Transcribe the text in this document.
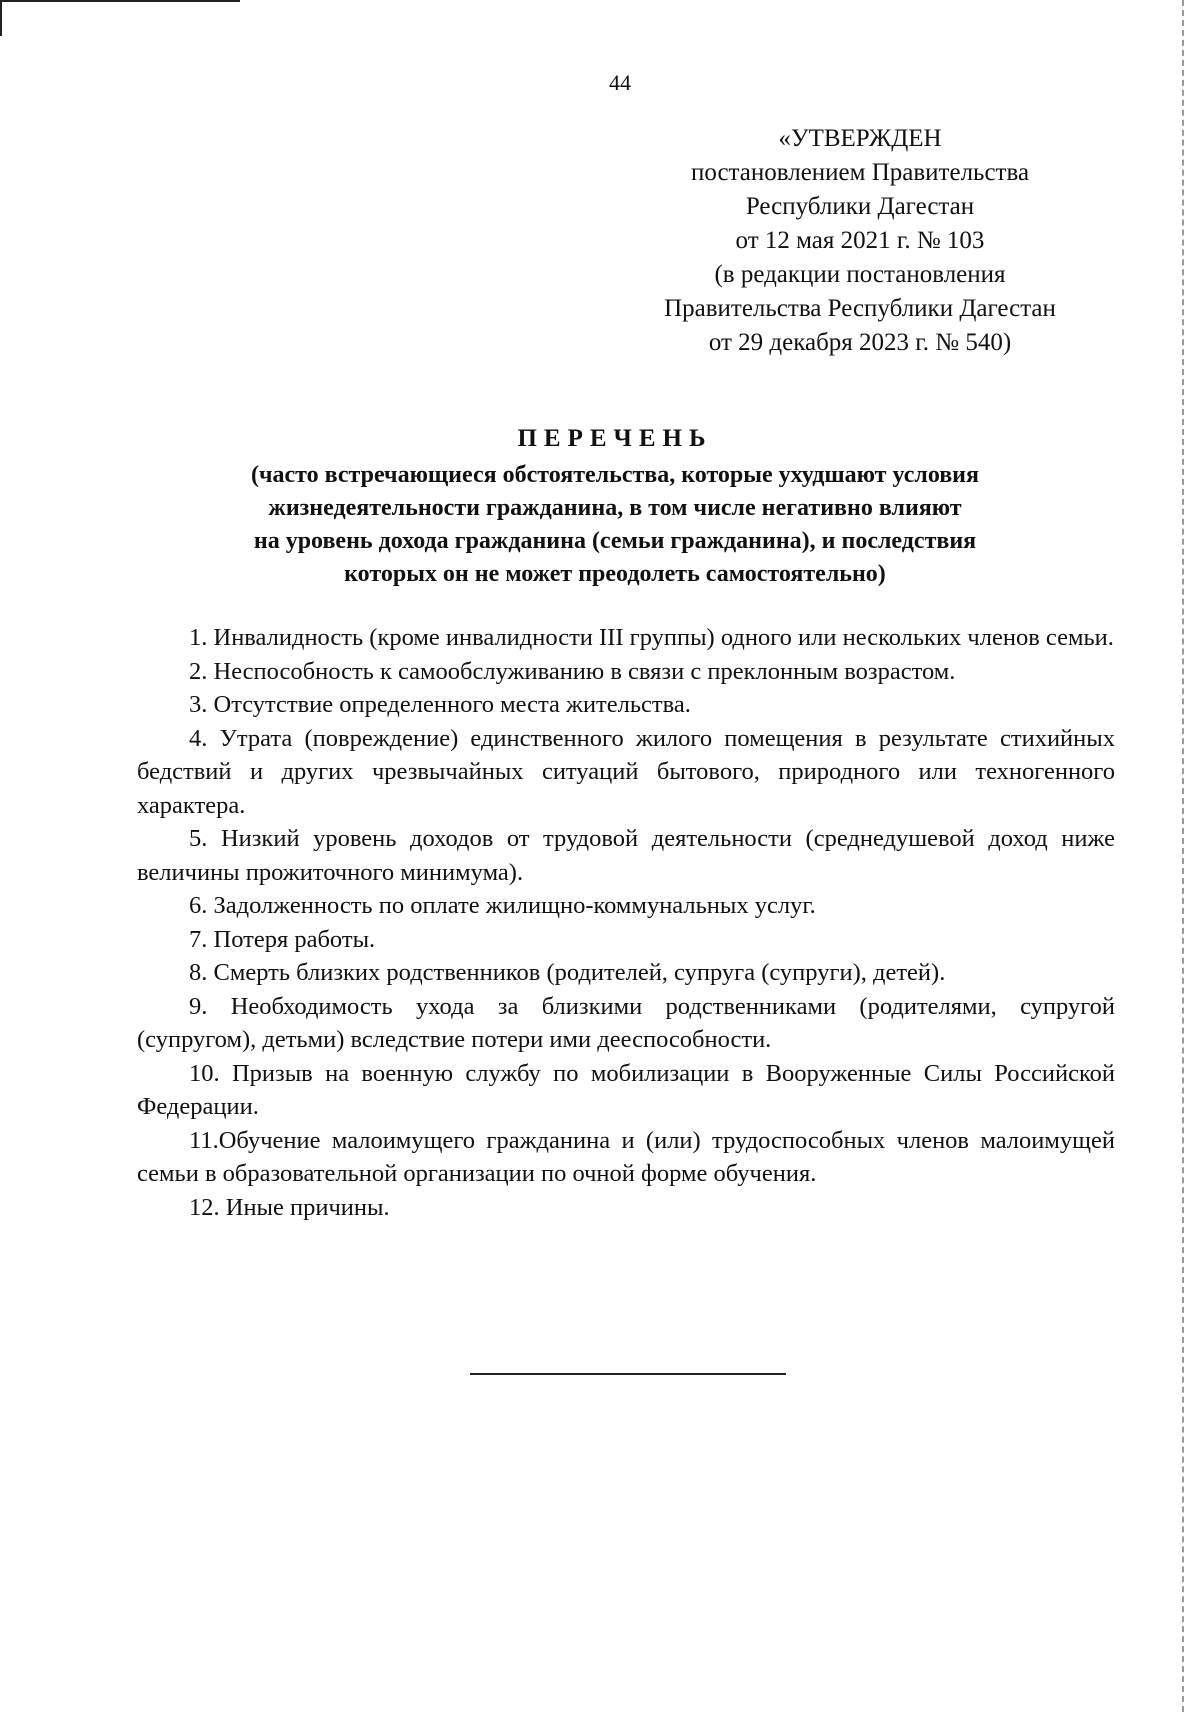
44
«УТВЕРЖДЕН
постановлением Правительства
Республики Дагестан
от 12 мая 2021 г. № 103
(в редакции постановления
Правительства Республики Дагестан
от 29 декабря 2023 г. № 540)
ПЕРЕЧЕНЬ
(часто встречающиеся обстоятельства, которые ухудшают условия
жизнедеятельности гражданина, в том числе негативно влияют
на уровень дохода гражданина (семьи гражданина), и последствия
которых он не может преодолеть самостоятельно)
1. Инвалидность (кроме инвалидности III группы) одного или нескольких членов семьи.
2. Неспособность к самообслуживанию в связи с преклонным возрастом.
3. Отсутствие определенного места жительства.
4. Утрата (повреждение) единственного жилого помещения в результате стихийных бедствий и других чрезвычайных ситуаций бытового, природного или техногенного характера.
5. Низкий уровень доходов от трудовой деятельности (среднедушевой доход ниже величины прожиточного минимума).
6. Задолженность по оплате жилищно-коммунальных услуг.
7. Потеря работы.
8. Смерть близких родственников (родителей, супруга (супруги), детей).
9. Необходимость ухода за близкими родственниками (родителями, супругой (супругом), детьми) вследствие потери ими дееспособности.
10. Призыв на военную службу по мобилизации в Вооруженные Силы Российской Федерации.
11.Обучение малоимущего гражданина и (или) трудоспособных членов малоимущей семьи в образовательной организации по очной форме обучения.
12. Иные причины.
